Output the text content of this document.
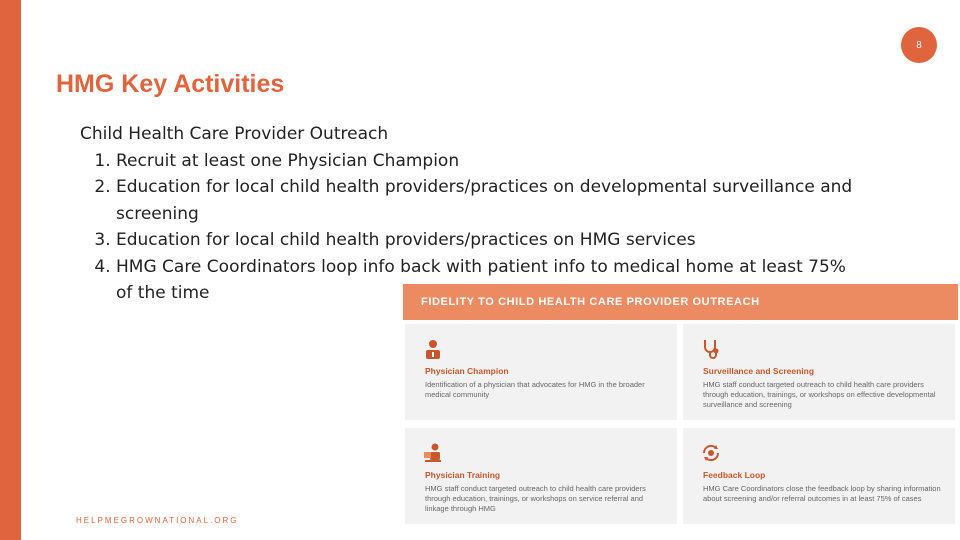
8
HMG Key Activities

Child Health Care Provider Outreach

1. Recruit at least one Physician Champion
2. Education for local child health providers/practices on developmental surveillance and screening
3. Education for local child health providers/practices on HMG services
4. HMG Care Coordinators loop info back with patient info to medical home at least 75% of the time	FIDELITY TO CHILD HEALTH CARE PROVIDER OUTREACH
Physician Champion
Identification of a physician that advocates for HMG in the broader medical community
Surveillance and Screening
HMG staff conduct targeted outreach to child health care providers through education, trainings, or workshops on effective developmental surveillance and screening
Physician Training
HMG staff conduct targeted outreach to child health care providers through education, trainings, or workshops on service referral and linkage through HMG
Feedback Loop
HMG Care Coordinators close the feedback loop by sharing information about screening and/or referral outcomes in at least 75% of cases
HELPMEGROWNATIONAL.ORG
